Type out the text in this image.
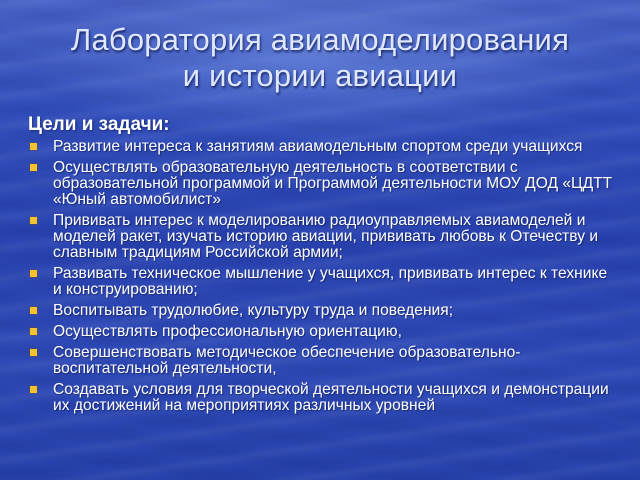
Лаборатория авиамоделирования
и истории авиации
Цели и задачи:
Развитие интереса к занятиям авиамодельным спортом среди учащихся
Осуществлять образовательную деятельность в соответствии с образовательной программой и Программой деятельности МОУ ДОД «ЦДТТ «Юный автомобилист»
Прививать интерес к моделированию радиоуправляемых авиамоделей и моделей ракет, изучать историю авиации, прививать любовь к Отечеству и славным традициям Российской армии;
Развивать техническое мышление у учащихся, прививать интерес к технике и конструированию;
Воспитывать трудолюбие, культуру труда и поведения;
Осуществлять профессиональную ориентацию,
Совершенствовать методическое обеспечение образовательно-воспитательной деятельности,
Создавать условия для творческой деятельности учащихся и демонстрации их достижений на мероприятиях различных уровней
